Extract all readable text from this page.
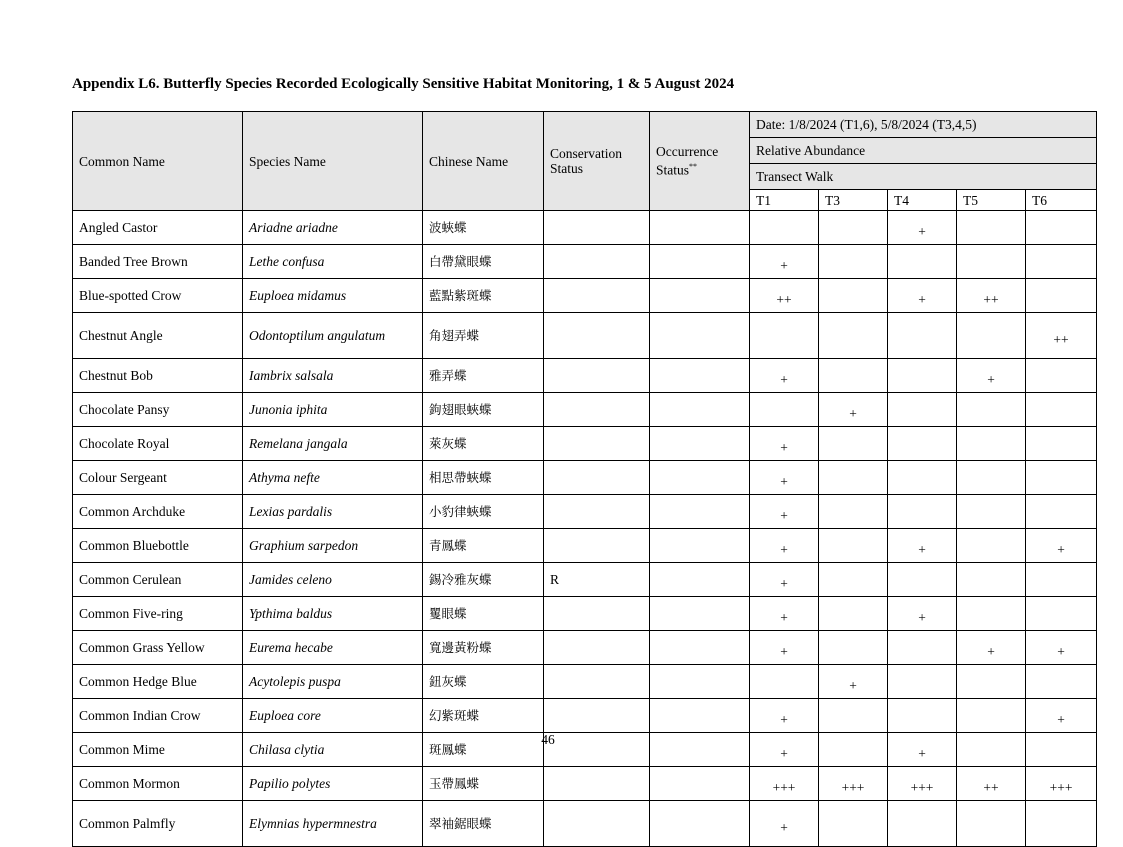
Appendix L6. Butterfly Species Recorded Ecologically Sensitive Habitat Monitoring, 1 & 5 August 2024
Common Name	Species Name	Chinese Name	Conservation Status	Occurrence Status**	Date: 1/8/2024 (T1,6), 5/8/2024 (T3,4,5)				
					Relative Abundance				
					Transect Walk				
					T1	T3	T4	T5	T6
Angled Castor	Ariadne ariadne	波蛺蝶					+		
Banded Tree Brown	Lethe confusa	白帶黛眼蝶			+				
Blue-spotted Crow	Euploea midamus	藍點紫斑蝶			++		+	++	
Chestnut Angle	Odontoptilum angulatum	角翅弄蝶							++
Chestnut Bob	Iambrix salsala	雅弄蝶			+			+	
Chocolate Pansy	Junonia iphita	鉤翅眼蛺蝶				+			
Chocolate Royal	Remelana jangala	萊灰蝶			+				
Colour Sergeant	Athyma nefte	相思帶蛺蝶			+				
Common Archduke	Lexias pardalis	小豹律蛺蝶			+				
Common Bluebottle	Graphium sarpedon	青鳳蝶			+		+		+
Common Cerulean	Jamides celeno	錫冷雅灰蝶	R		+				
Common Five-ring	Ypthima baldus	矍眼蝶			+		+		
Common Grass Yellow	Eurema hecabe	寬邊黃粉蝶			+			+	+
Common Hedge Blue	Acytolepis puspa	鈕灰蝶				+			
Common Indian Crow	Euploea core	幻紫斑蝶			+				+
Common Mime	Chilasa clytia	斑鳳蝶			+		+		
Common Mormon	Papilio polytes	玉帶鳳蝶			+++	+++	+++	++	+++
Common Palmfly	Elymnias hypermnestra	翠袖鋸眼蝶			+				
46
